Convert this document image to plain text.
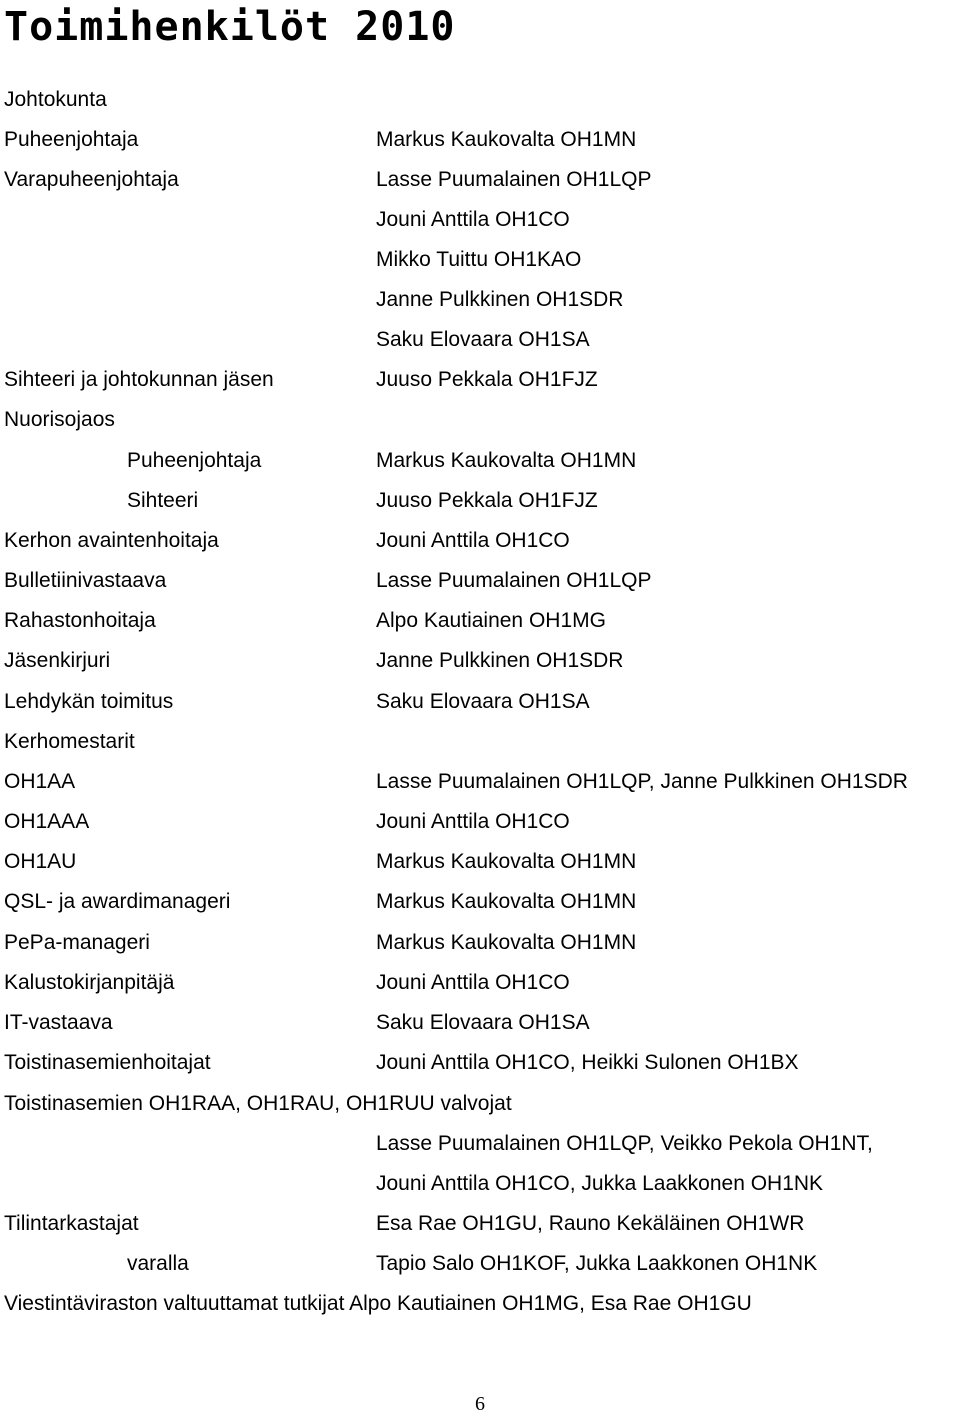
Toimihenkilöt 2010
Johtokunta
Puheenjohtaja	Markus Kaukovalta OH1MN
Varapuheenjohtaja	Lasse Puumalainen OH1LQP
Jouni Anttila OH1CO
Mikko Tuittu OH1KAO
Janne Pulkkinen OH1SDR
Saku Elovaara OH1SA
Sihteeri ja johtokunnan jäsen	Juuso Pekkala OH1FJZ
Nuorisojaos
Puheenjohtaja	Markus Kaukovalta OH1MN
Sihteeri	Juuso Pekkala OH1FJZ
Kerhon avaintenhoitaja	Jouni Anttila OH1CO
Bulletiinivastaava	Lasse Puumalainen OH1LQP
Rahastonhoitaja	Alpo Kautiainen OH1MG
Jäsenkirjuri	Janne Pulkkinen OH1SDR
Lehdykän toimitus	Saku Elovaara OH1SA
Kerhomestarit
OH1AA	Lasse Puumalainen OH1LQP, Janne Pulkkinen OH1SDR
OH1AAA	Jouni Anttila OH1CO
OH1AU	Markus Kaukovalta OH1MN
QSL- ja awardimanageri	Markus Kaukovalta OH1MN
PePa-manageri	Markus Kaukovalta OH1MN
Kalustokirjanpitäjä	Jouni Anttila OH1CO
IT-vastaava	Saku Elovaara OH1SA
Toistinasemienhoitajat	Jouni Anttila OH1CO, Heikki Sulonen OH1BX
Toistinasemien OH1RAA, OH1RAU, OH1RUU valvojat
Lasse Puumalainen OH1LQP, Veikko Pekola OH1NT,
Jouni Anttila OH1CO, Jukka Laakkonen OH1NK
Tilintarkastajat	Esa Rae OH1GU, Rauno Kekäläinen OH1WR
varalla	Tapio Salo OH1KOF, Jukka Laakkonen OH1NK
Viestintäviraston valtuuttamat tutkijat Alpo Kautiainen OH1MG, Esa Rae OH1GU
6
